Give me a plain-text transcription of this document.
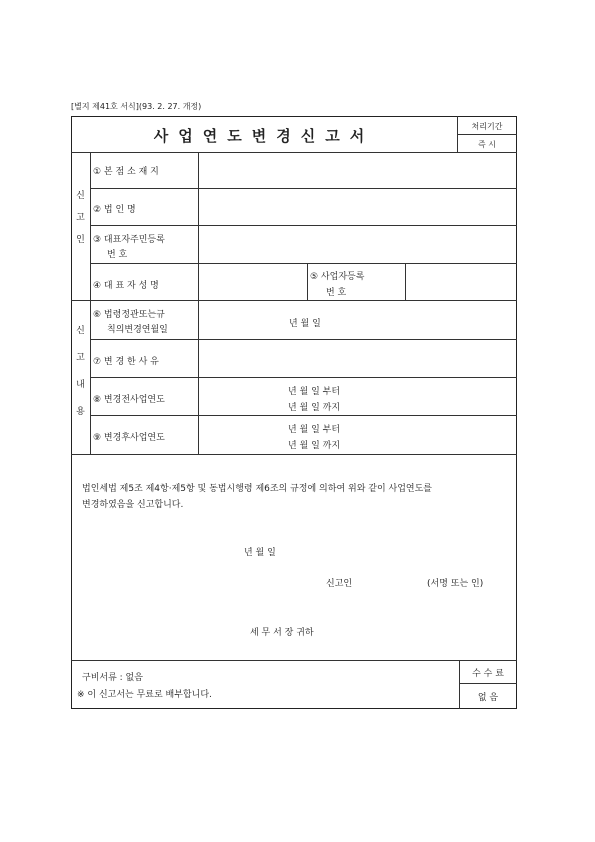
[별지 제41호 서식](93. 2. 27. 개정)
사업연도변경신고서
처리기간
즉 시
신고인
신고내용
① 본 점 소 재 지
② 법 인 명
③ 대표자주민등록
번 호
④ 대 표 자 성 명
⑤ 사업자등록
번 호
⑥ 법령정관또는규
칙의변경연월일
년 월 일
⑦ 변 경 한 사 유
⑧ 변경전사업연도
년 월 일 부터
년 월 일 까지
⑨ 변경후사업연도
년 월 일 부터
년 월 일 까지
법인세법 제5조 제4항·제5항 및 동법시행령 제6조의 규정에 의하여 위와 같이 사업연도를
변경하였음을 신고합니다.
년 월 일
신고인	(서명 또는 인)
세 무 서 장 귀하
구비서류 : 없음
※ 이 신고서는 무료로 배부합니다.
수 수 료
없 음
